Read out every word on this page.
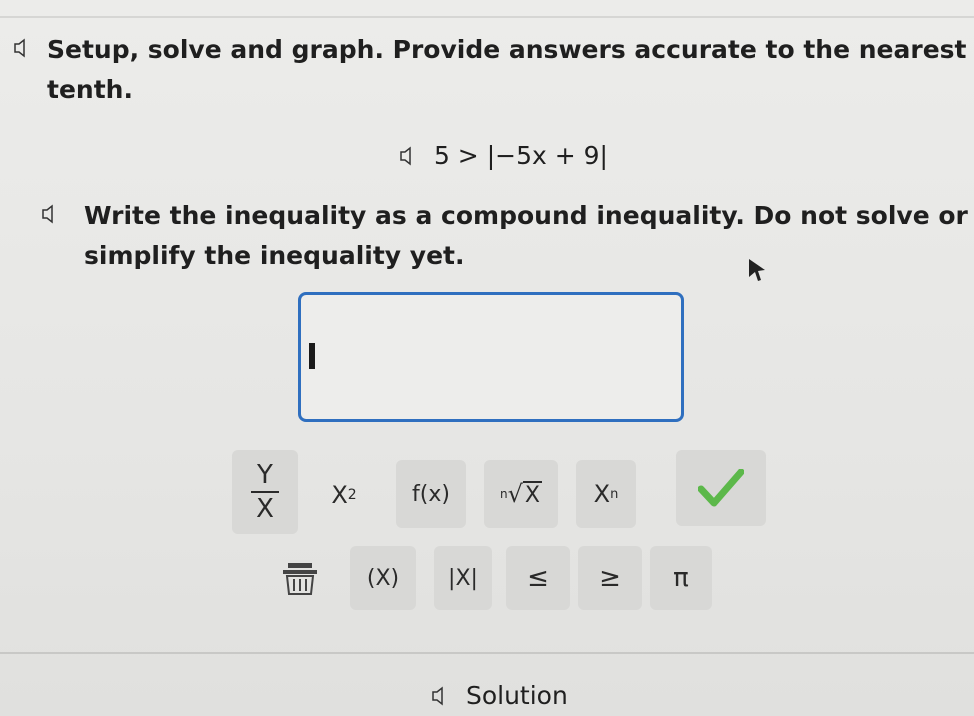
Setup, solve and graph. Provide answers accurate to the nearest
tenth.
5 > |−5x + 9|
Write the inequality as a compound inequality. Do not solve or
simplify the inequality yet.
$\frac{Y}{X}$ X 2	f(x)	n √ X X n
(X) |X| ≤ ≥ π
Solution
